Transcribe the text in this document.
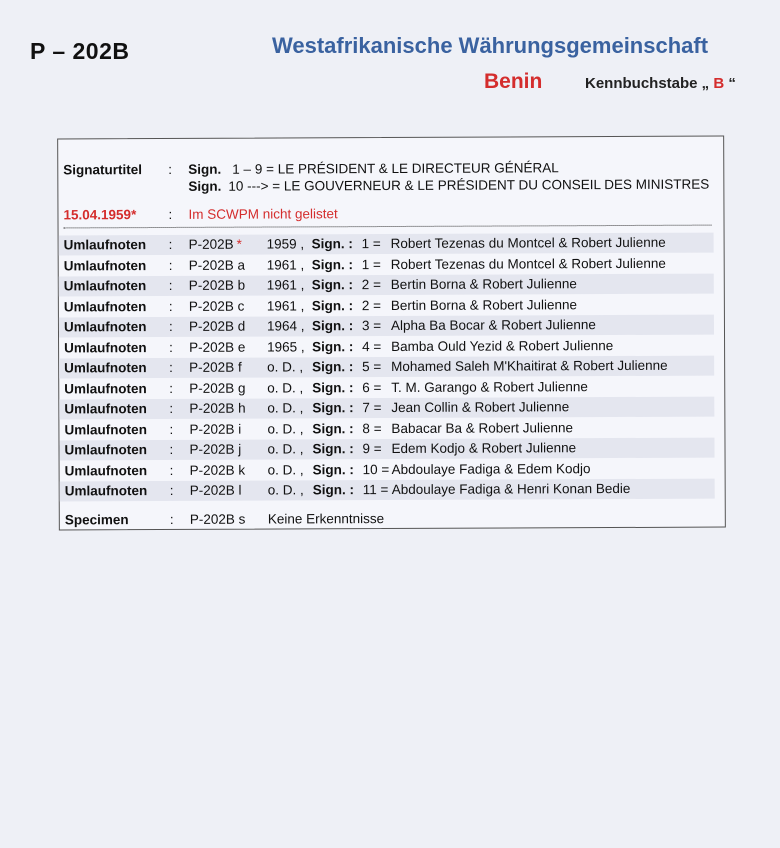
P – 202B	Westafrikanische Währungsgemeinschaft
Benin	Kennbuchstabe „ B “
Signaturtitel : Sign. 1 – 9 = LE PRÉSIDENT & LE DIRECTEUR GÉNÉRAL
Sign. 10 ---> = LE GOUVERNEUR & LE PRÉSIDENT DU CONSEIL DES MINISTRES
15.04.1959* : Im SCWPM nicht gelistet
Umlaufnoten : P-202B * 1959 , Sign. : 1 = Robert Tezenas du Montcel & Robert Julienne
Umlaufnoten : P-202B a 1961 , Sign. : 1 = Robert Tezenas du Montcel & Robert Julienne
Umlaufnoten : P-202B b 1961 , Sign. : 2 = Bertin Borna & Robert Julienne
Umlaufnoten : P-202B c 1961 , Sign. : 2 = Bertin Borna & Robert Julienne
Umlaufnoten : P-202B d 1964 , Sign. : 3 = Alpha Ba Bocar & Robert Julienne
Umlaufnoten : P-202B e 1965 , Sign. : 4 = Bamba Ould Yezid & Robert Julienne
Umlaufnoten : P-202B f o. D. , Sign. : 5 = Mohamed Saleh M'Khaitirat & Robert Julienne
Umlaufnoten : P-202B g o. D. , Sign. : 6 = T. M. Garango & Robert Julienne
Umlaufnoten : P-202B h o. D. , Sign. : 7 = Jean Collin & Robert Julienne
Umlaufnoten : P-202B i o. D. , Sign. : 8 = Babacar Ba & Robert Julienne
Umlaufnoten : P-202B j o. D. , Sign. : 9 = Edem Kodjo & Robert Julienne
Umlaufnoten : P-202B k o. D. , Sign. : 10 = Abdoulaye Fadiga & Edem Kodjo
Umlaufnoten : P-202B l o. D. , Sign. : 11 = Abdoulaye Fadiga & Henri Konan Bedie
Specimen	: P-202B s Keine Erkenntnisse
